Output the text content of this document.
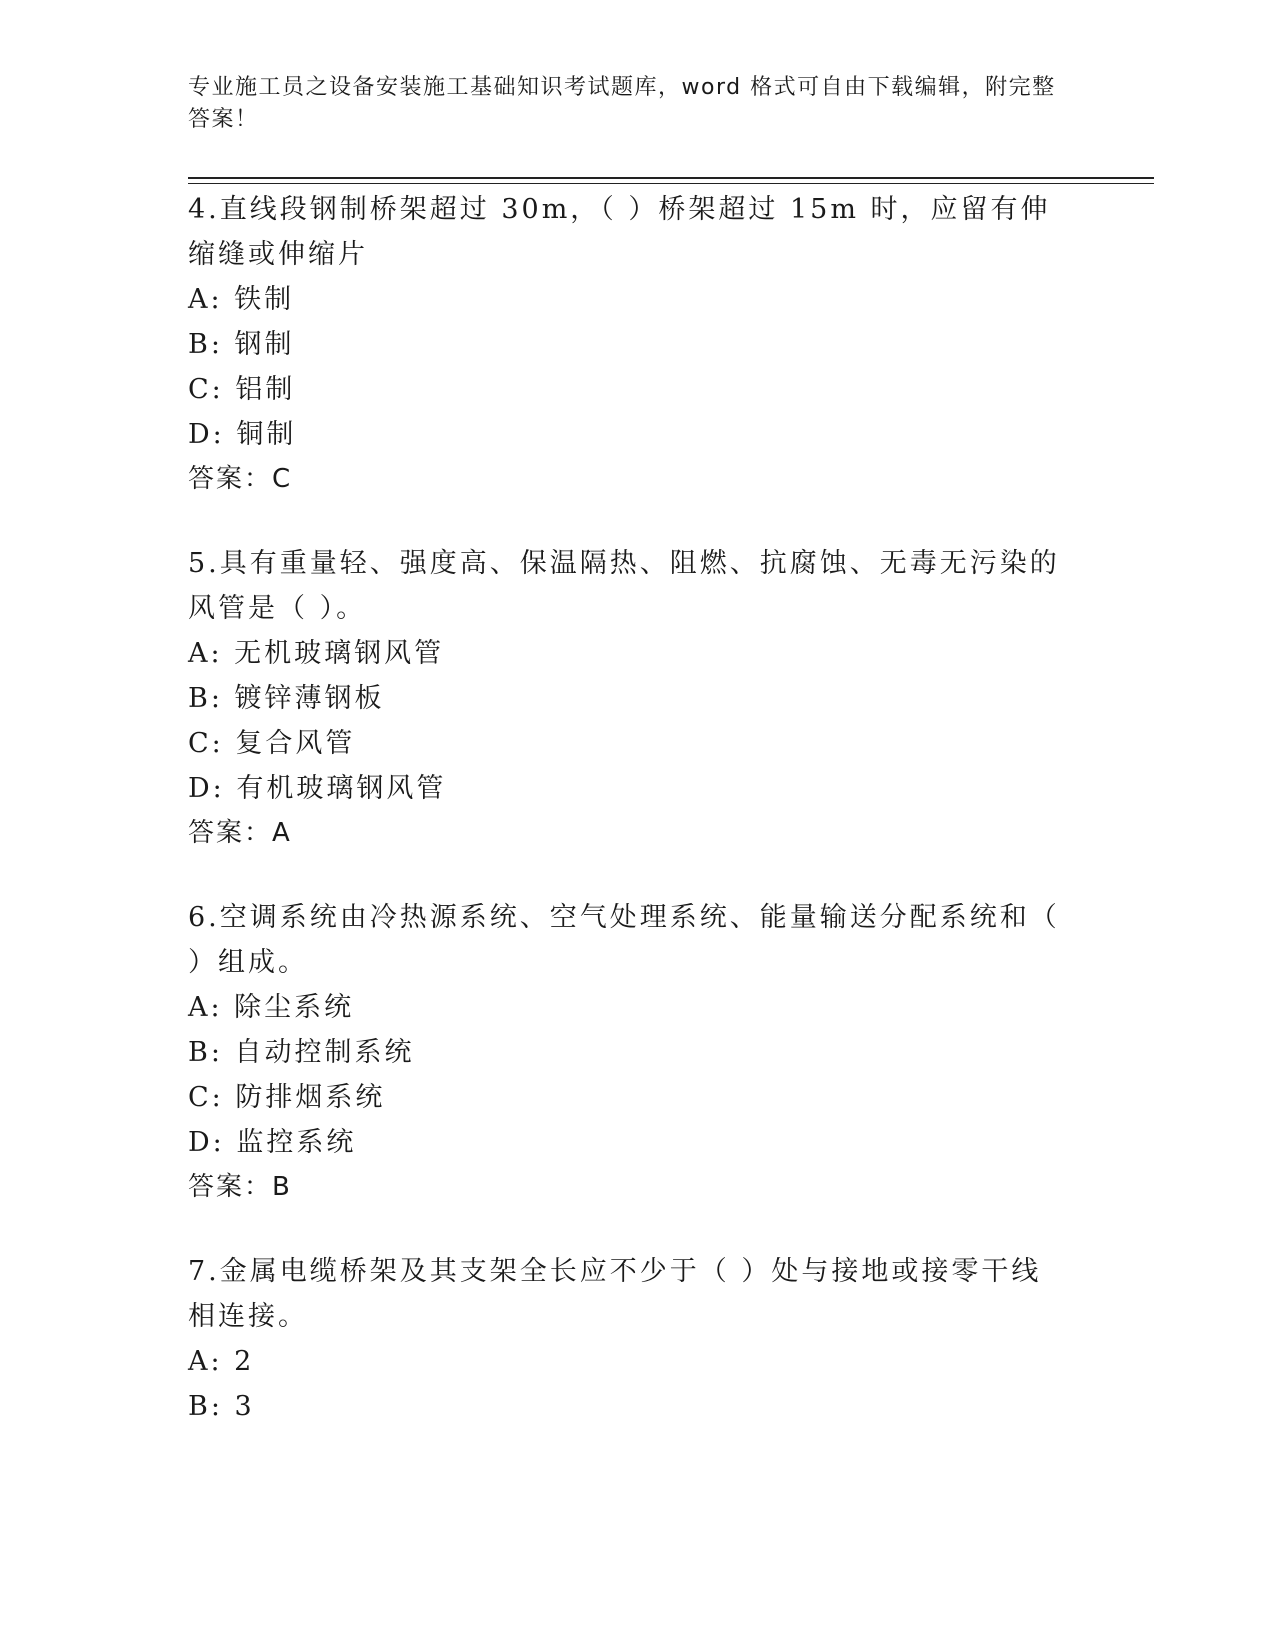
专业施工员之设备安装施工基础知识考试题库，word 格式可自由下载编辑，附完整答案！
4.直线段钢制桥架超过 30m，（ ）桥架超过 15m 时，应留有伸缩缝或伸缩片
A: 铁制
B: 钢制
C: 铝制
D: 铜制
答案：C
5.具有重量轻、强度高、保温隔热、阻燃、抗腐蚀、无毒无污染的风管是（ ）。
A: 无机玻璃钢风管
B: 镀锌薄钢板
C: 复合风管
D: 有机玻璃钢风管
答案：A
6.空调系统由冷热源系统、空气处理系统、能量输送分配系统和（ ）组成。
A: 除尘系统
B: 自动控制系统
C: 防排烟系统
D: 监控系统
答案：B
7.金属电缆桥架及其支架全长应不少于（ ）处与接地或接零干线相连接。
A: 2
B: 3
